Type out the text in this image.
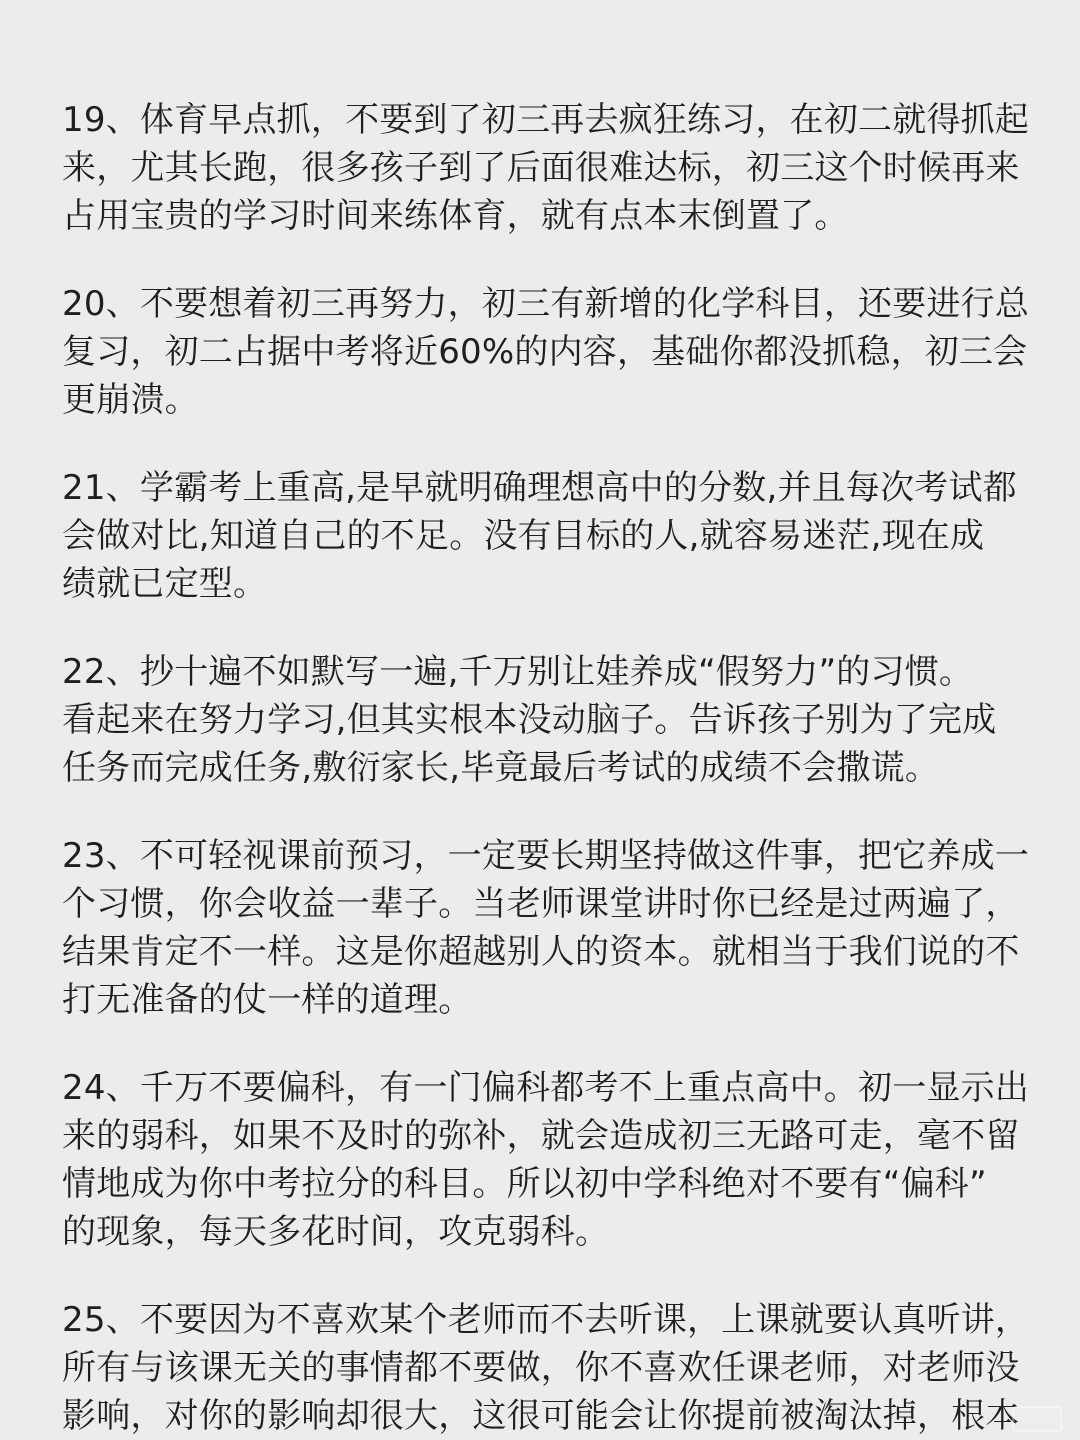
19、体育早点抓，不要到了初三再去疯狂练习，在初二就得抓起
来，尤其长跑，很多孩子到了后面很难达标，初三这个时候再来
占用宝贵的学习时间来练体育，就有点本末倒置了。
20、不要想着初三再努力，初三有新增的化学科目，还要进行总
复习，初二占据中考将近60%的内容，基础你都没抓稳，初三会
更崩溃。
21、学霸考上重高,是早就明确理想高中的分数,并且每次考试都
会做对比,知道自己的不足。没有目标的人,就容易迷茫,现在成
绩就已定型。
22、抄十遍不如默写一遍,千万别让娃养成“假努力”的习惯。
看起来在努力学习,但其实根本没动脑子。告诉孩子别为了完成
任务而完成任务,敷衍家长,毕竟最后考试的成绩不会撒谎。
23、不可轻视课前预习，一定要长期坚持做这件事，把它养成一
个习惯，你会收益一辈子。当老师课堂讲时你已经是过两遍了，
结果肯定不一样。这是你超越别人的资本。就相当于我们说的不
打无准备的仗一样的道理。
24、千万不要偏科，有一门偏科都考不上重点高中。初一显示出
来的弱科，如果不及时的弥补，就会造成初三无路可走，毫不留
情地成为你中考拉分的科目。所以初中学科绝对不要有“偏科”
的现象，每天多花时间，攻克弱科。
25、不要因为不喜欢某个老师而不去听课，上课就要认真听讲，
所有与该课无关的事情都不要做，你不喜欢任课老师，对老师没
影响，对你的影响却很大，这很可能会让你提前被淘汰掉，根本
